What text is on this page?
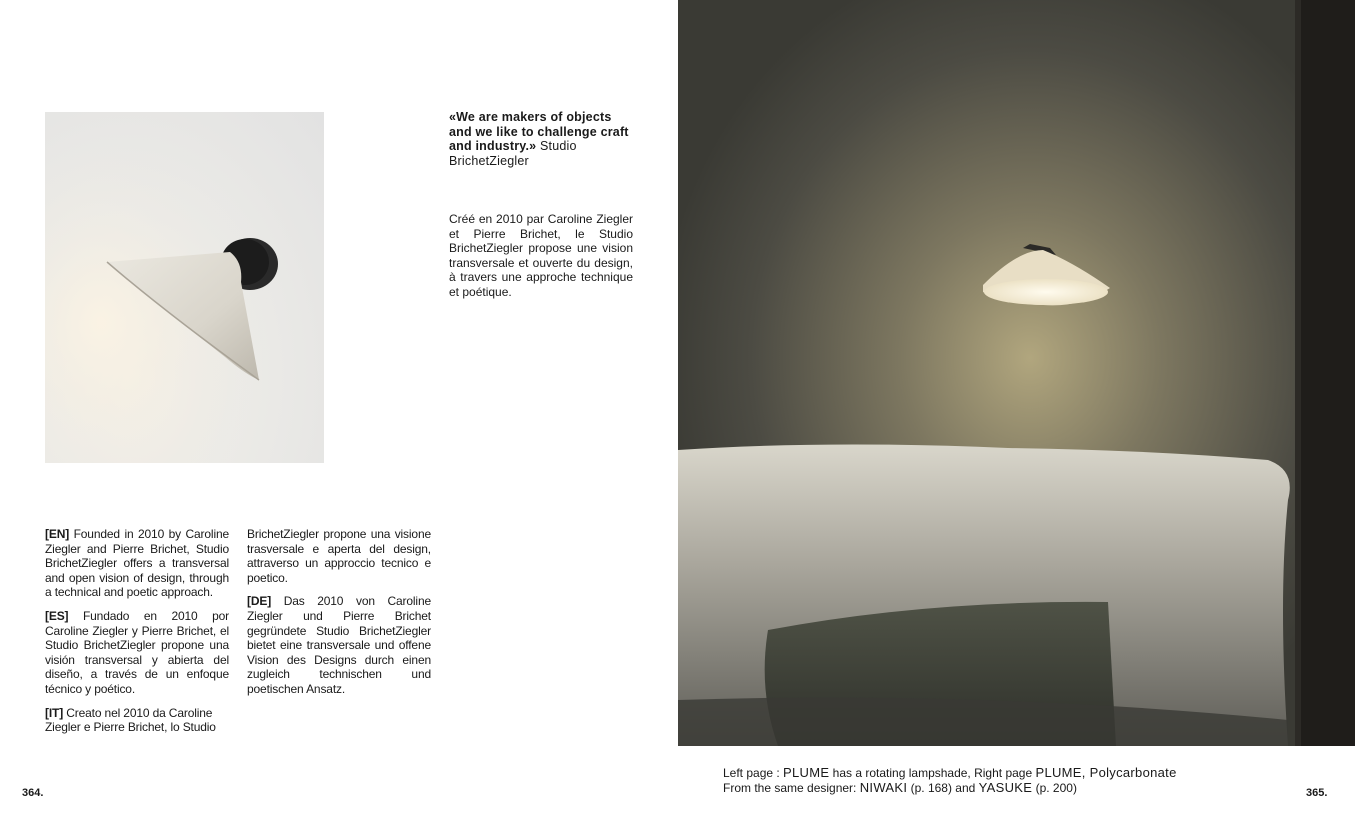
«We are makers of objects and we like to challenge craft and industry.» Studio BrichetZiegler
Créé en 2010 par Caroline Ziegler et Pierre Brichet, le Studio BrichetZiegler propose une vision transversale et ouverte du design, à travers une approche technique et poétique.

[EN] Founded in 2010 by Caroline Ziegler and Pierre Brichet, Studio BrichetZiegler offers a transversal and open vision of design, through a technical and poetic approach.

[ES] Fundado en 2010 por Caroline Ziegler y Pierre Brichet, el Studio BrichetZiegler propone una visión transversal y abierta del diseño, a través de un enfoque técnico y poético.

[IT] Creato nel 2010 da Caroline Ziegler e Pierre Brichet, lo Studio

BrichetZiegler propone una visione trasversale e aperta del design, attraverso un approccio tecnico e poetico.

[DE] Das 2010 von Caroline Ziegler und Pierre Brichet gegründete Studio BrichetZiegler bietet eine transversale und offene Vision des Designs durch einen zugleich technischen und poetischen Ansatz.

364.
Left page : PLUME has a rotating lampshade, Right page PLUME, Polycarbonate
From the same designer: NIWAKI (p. 168) and YASUKE (p. 200)	365.
